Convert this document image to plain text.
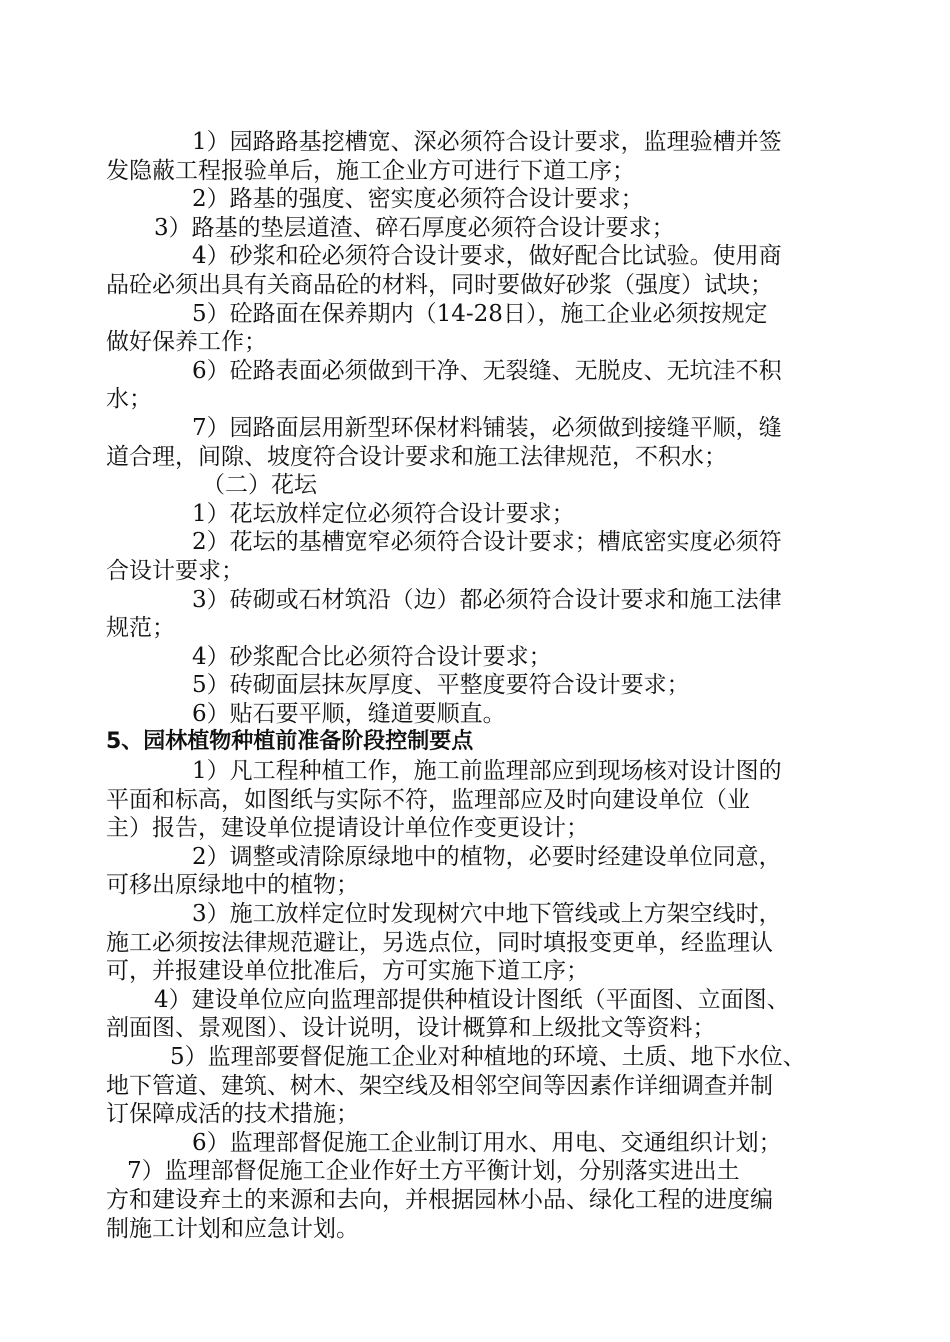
1）园路路基挖槽宽、深必须符合设计要求，监理验槽并签
发隐蔽工程报验单后，施工企业方可进行下道工序；
2）路基的强度、密实度必须符合设计要求；
3）路基的垫层道渣、碎石厚度必须符合设计要求；
4）砂浆和砼必须符合设计要求，做好配合比试验。使用商
品砼必须出具有关商品砼的材料，同时要做好砂浆（强度）试块；
5）砼路面在保养期内（14-28日），施工企业必须按规定
做好保养工作；
6）砼路表面必须做到干净、无裂缝、无脱皮、无坑洼不积
水；
7）园路面层用新型环保材料铺装，必须做到接缝平顺，缝
道合理，间隙、坡度符合设计要求和施工法律规范，不积水；
（二）花坛
1）花坛放样定位必须符合设计要求；
2）花坛的基槽宽窄必须符合设计要求；槽底密实度必须符
合设计要求；
3）砖砌或石材筑沿（边）都必须符合设计要求和施工法律
规范；
4）砂浆配合比必须符合设计要求；
5）砖砌面层抹灰厚度、平整度要符合设计要求；
6）贴石要平顺，缝道要顺直。
5、园林植物种植前准备阶段控制要点
1）凡工程种植工作，施工前监理部应到现场核对设计图的
平面和标高，如图纸与实际不符，监理部应及时向建设单位（业
主）报告，建设单位提请设计单位作变更设计；
2）调整或清除原绿地中的植物，必要时经建设单位同意，
可移出原绿地中的植物；
3）施工放样定位时发现树穴中地下管线或上方架空线时，
施工必须按法律规范避让，另选点位，同时填报变更单，经监理认
可，并报建设单位批准后，方可实施下道工序；
4）建设单位应向监理部提供种植设计图纸（平面图、立面图、
剖面图、景观图）、设计说明，设计概算和上级批文等资料；
5）监理部要督促施工企业对种植地的环境、土质、地下水位、
地下管道、建筑、树木、架空线及相邻空间等因素作详细调查并制
订保障成活的技术措施；
6）监理部督促施工企业制订用水、用电、交通组织计划；
7）监理部督促施工企业作好土方平衡计划，分别落实进出土
方和建设弃土的来源和去向，并根据园林小品、绿化工程的进度编
制施工计划和应急计划。
